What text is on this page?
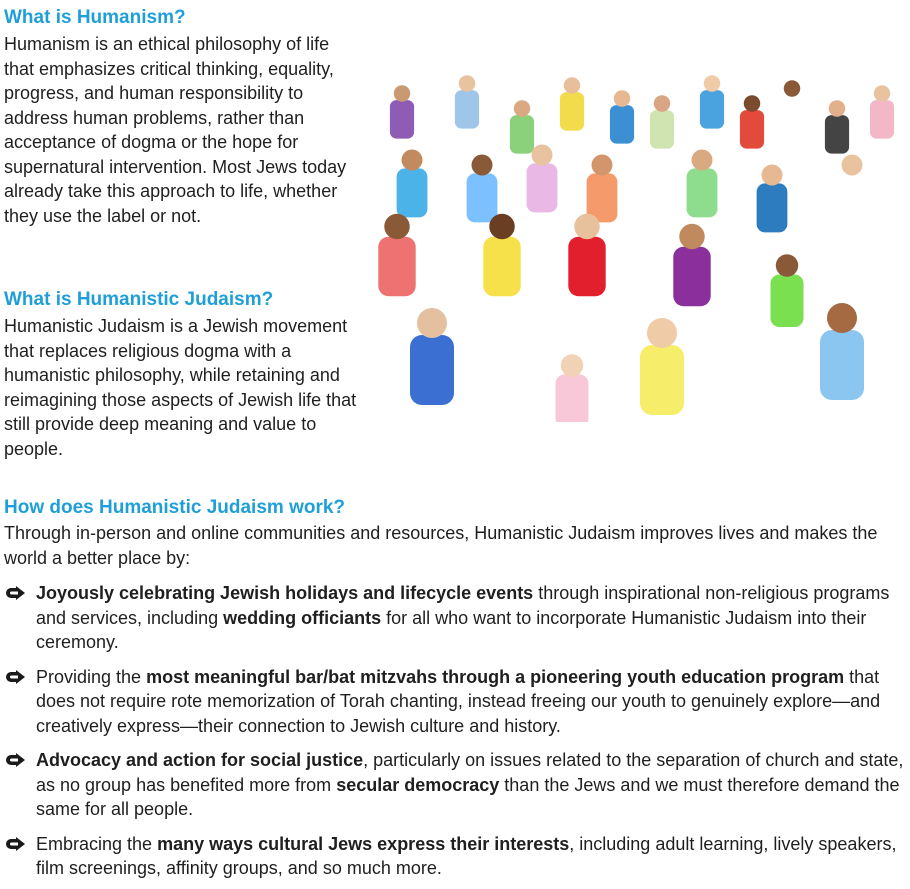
What is Humanism?

Humanism is an ethical philosophy of life that emphasizes critical thinking, equality, progress, and human responsibility to address human problems, rather than acceptance of dogma or the hope for supernatural intervention. Most Jews today already take this approach to life, whether they use the label or not.

What is Humanistic Judaism?

Humanistic Judaism is a Jewish movement that replaces religious dogma with a humanistic philosophy, while retaining and reimagining those aspects of Jewish life that still provide deep meaning and value to people.

How does Humanistic Judaism work?

Through in-person and online communities and resources, Humanistic Judaism improves lives and makes the world a better place by:

Joyously celebrating Jewish holidays and lifecycle events through inspirational non-religious programs and services, including wedding officiants for all who want to incorporate Humanistic Judaism into their ceremony.
Providing the most meaningful bar/bat mitzvahs through a pioneering youth education program that does not require rote memorization of Torah chanting, instead freeing our youth to genuinely explore—and creatively express—their connection to Jewish culture and history.
Advocacy and action for social justice, particularly on issues related to the separation of church and state, as no group has benefited more from secular democracy than the Jews and we must therefore demand the same for all people.
Embracing the many ways cultural Jews express their interests, including adult learning, lively speakers, film screenings, affinity groups, and so much more.
